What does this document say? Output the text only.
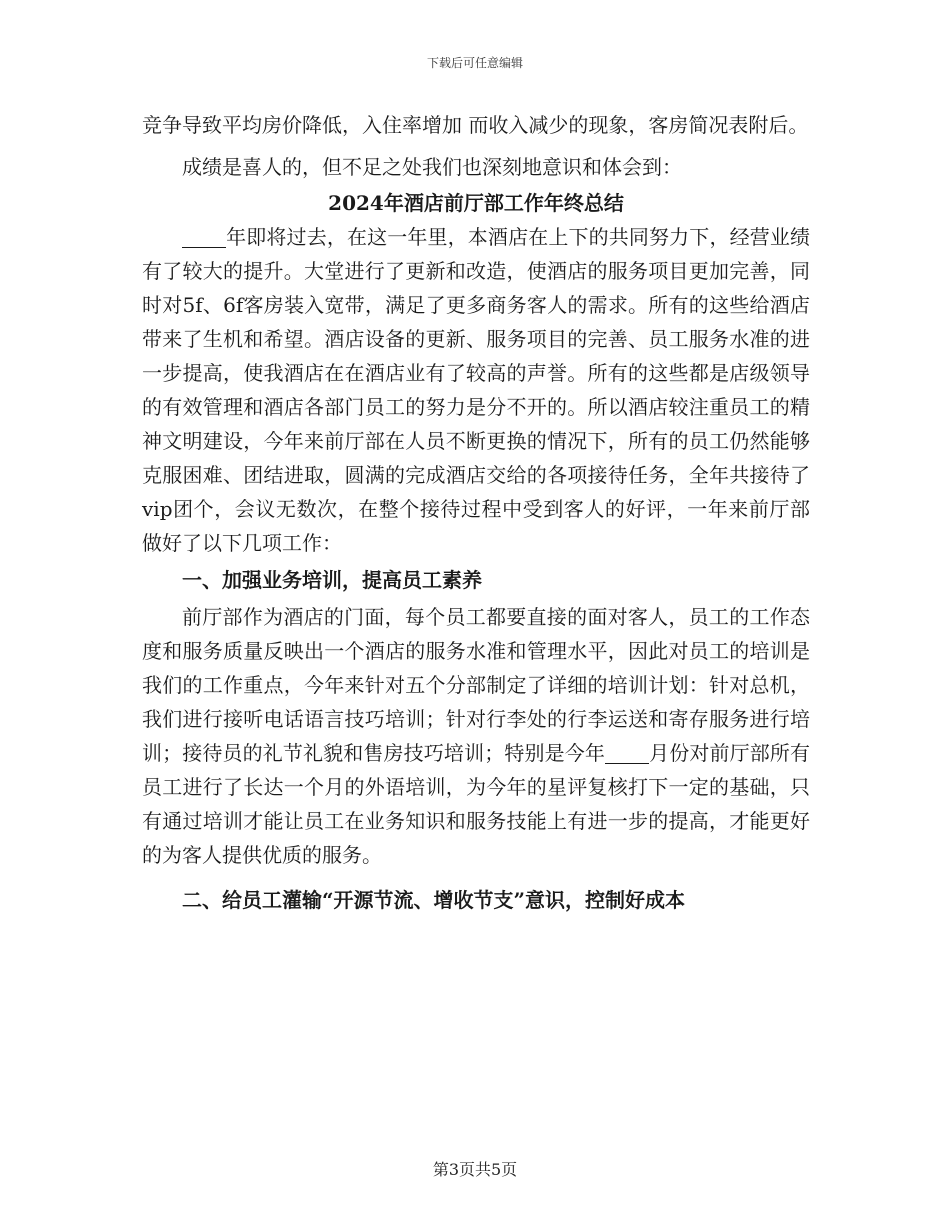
下载后可任意编辑

竞争导致平均房价降低，入住率增加 而收入减少的现象，客房简况表附后。

成绩是喜人的，但不足之处我们也深刻地意识和体会到：

2024年酒店前厅部工作年终总结

年即将过去，在这一年里，本酒店在上下的共同努力下，经营业绩有了较大的提升。大堂进行了更新和改造，使酒店的服务项目更加完善，同时对5f、6f客房装入宽带，满足了更多商务客人的需求。所有的这些给酒店带来了生机和希望。酒店设备的更新、服务项目的完善、员工服务水准的进一步提高，使我酒店在在酒店业有了较高的声誉。所有的这些都是店级领导的有效管理和酒店各部门员工的努力是分不开的。所以酒店较注重员工的精神文明建设，今年来前厅部在人员不断更换的情况下，所有的员工仍然能够克服困难、团结进取，圆满的完成酒店交给的各项接待任务，全年共接待了vip团个，会议无数次，在整个接待过程中受到客人的好评，一年来前厅部做好了以下几项工作：

一、加强业务培训，提高员工素养

前厅部作为酒店的门面，每个员工都要直接的面对客人，员工的工作态度和服务质量反映出一个酒店的服务水准和管理水平，因此对员工的培训是我们的工作重点，今年来针对五个分部制定了详细的培训计划：针对总机，我们进行接听电话语言技巧培训；针对行李处的行李运送和寄存服务进行培训；接待员的礼节礼貌和售房技巧培训；特别是今年 月份对前厅部所有员工进行了长达一个月的外语培训，为今年的星评复核打下一定的基础，只有通过培训才能让员工在业务知识和服务技能上有进一步的提高，才能更好的为客人提供优质的服务。

二、给员工灌输“开源节流、增收节支”意识，控制好成本

第3页共5页
